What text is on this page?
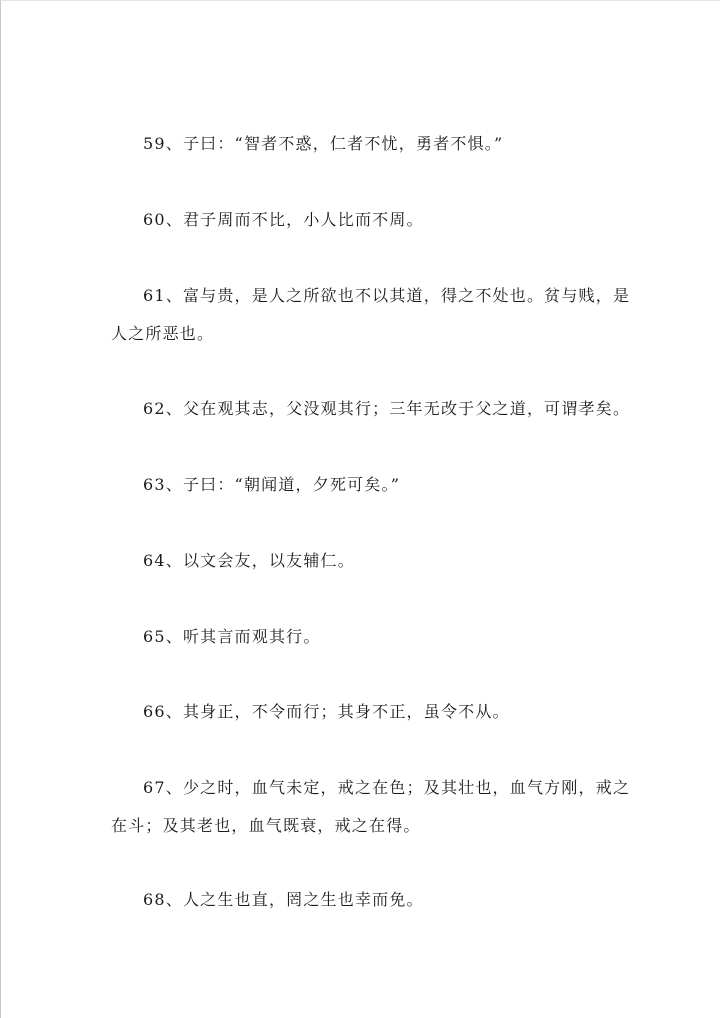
59、子曰：“智者不惑，仁者不忧，勇者不惧。”

60、君子周而不比，小人比而不周。

61、富与贵，是人之所欲也不以其道，得之不处也。贫与贱，是人之所恶也。

62、父在观其志，父没观其行；三年无改于父之道，可谓孝矣。

63、子曰：“朝闻道，夕死可矣。”

64、以文会友，以友辅仁。

65、听其言而观其行。

66、其身正，不令而行；其身不正，虽令不从。

67、少之时，血气未定，戒之在色；及其壮也，血气方刚，戒之在斗；及其老也，血气既衰，戒之在得。

68、人之生也直，罔之生也幸而免。
